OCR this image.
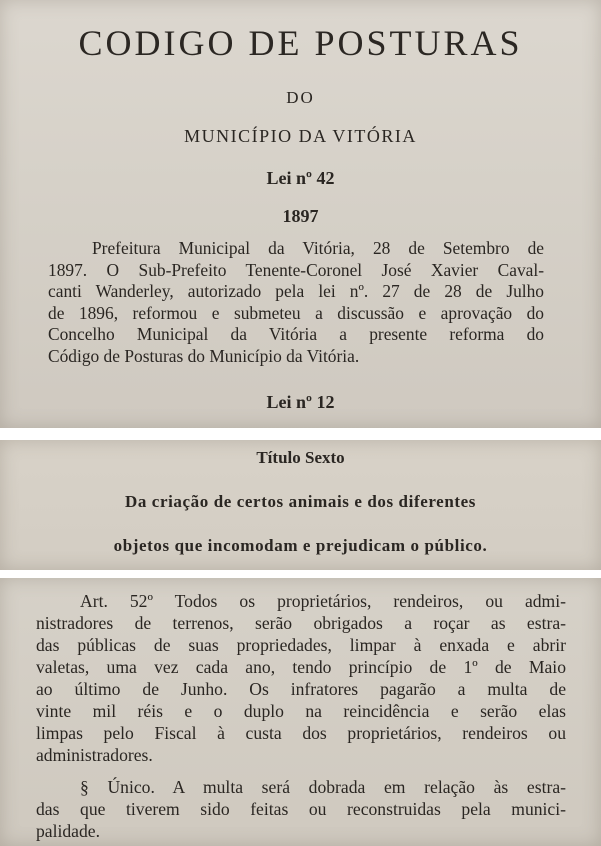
CODIGO DE POSTURAS
DO
MUNICÍPIO DA VITÓRIA
Lei nº 42
1897
Prefeitura Municipal da Vitória, 28 de Setembro de
1897. O Sub-Prefeito Tenente-Coronel José Xavier Caval-
canti Wanderley, autorizado pela lei nº. 27 de 28 de Julho
de 1896, reformou e submeteu a discussão e aprovação do
Concelho Municipal da Vitória a presente reforma do
Código de Posturas do Município da Vitória.
Lei nº 12
Título Sexto
Da criação de certos animais e dos diferentes
objetos que incomodam e prejudicam o público.
Art. 52º Todos os proprietários, rendeiros, ou admi-
nistradores de terrenos, serão obrigados a roçar as estra-
das públicas de suas propriedades, limpar à enxada e abrir
valetas, uma vez cada ano, tendo princípio de 1º de Maio
ao último de Junho. Os infratores pagarão a multa de
vinte mil réis e o duplo na reincidência e serão elas
limpas pelo Fiscal à custa dos proprietários, rendeiros ou
administradores.
§ Único. A multa será dobrada em relação às estra-
das que tiverem sido feitas ou reconstruidas pela munici-
palidade.
